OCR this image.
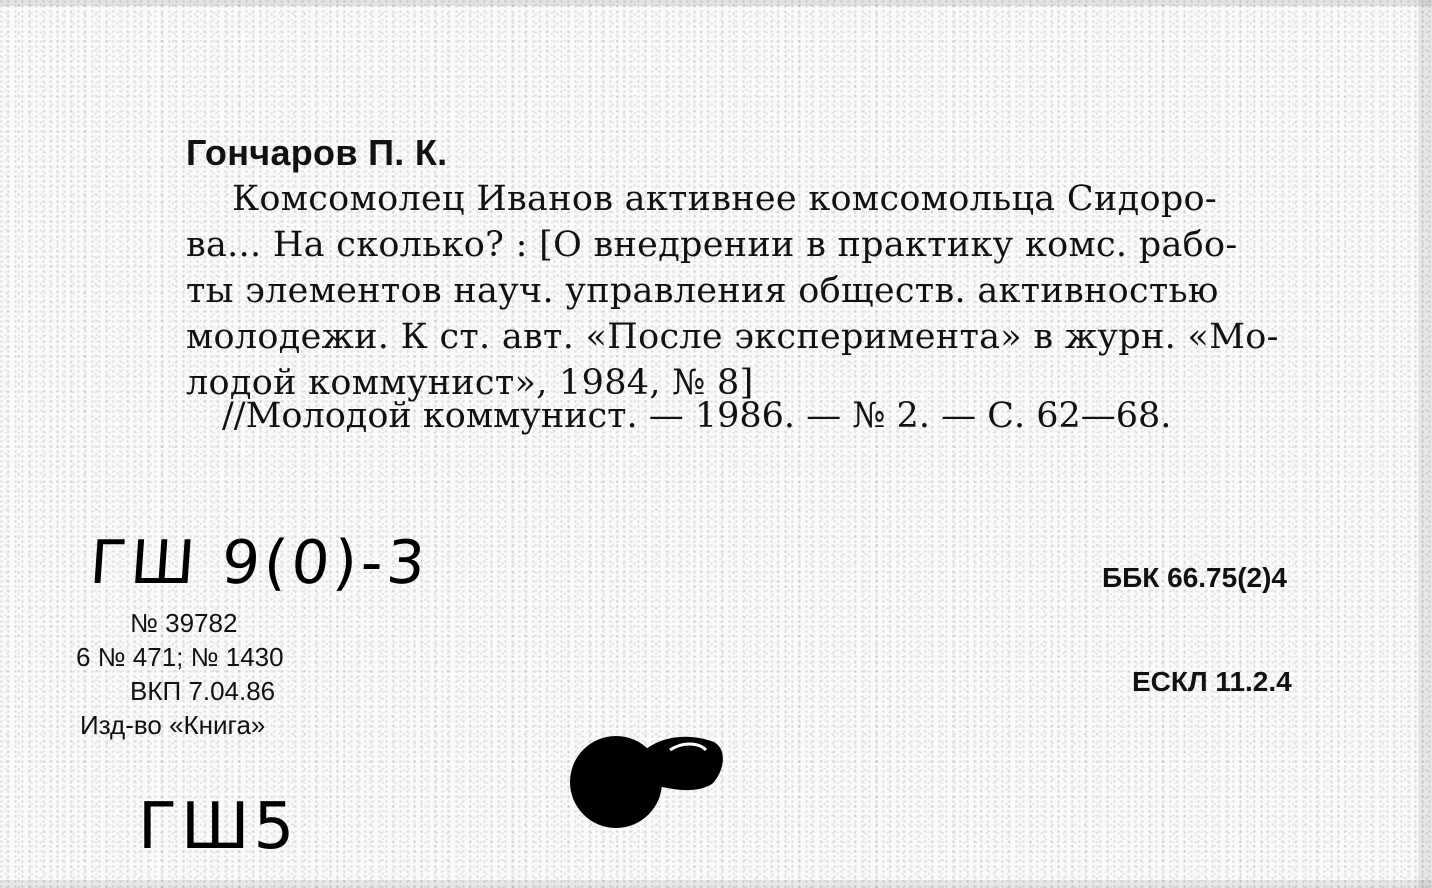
Гончаров П. К.
Комсомолец Иванов активнее комсомольца Сидоро-
ва... На сколько? : [О внедрении в практику комс. рабо-
ты элементов науч. управления обществ. активностью
молодежи. К ст. авт. «После эксперимента» в журн. «Мо-
лодой коммунист», 1984, № 8]
//Молодой коммунист. — 1986. — № 2. — С. 62—68.
ГШ 9(0)-3	ББК 66.75(2)4
№ 39782
6 № 471; № 1430
ВКП 7.04.86
Изд-во «Книга»
ЕСКЛ 11.2.4
ГШ5
